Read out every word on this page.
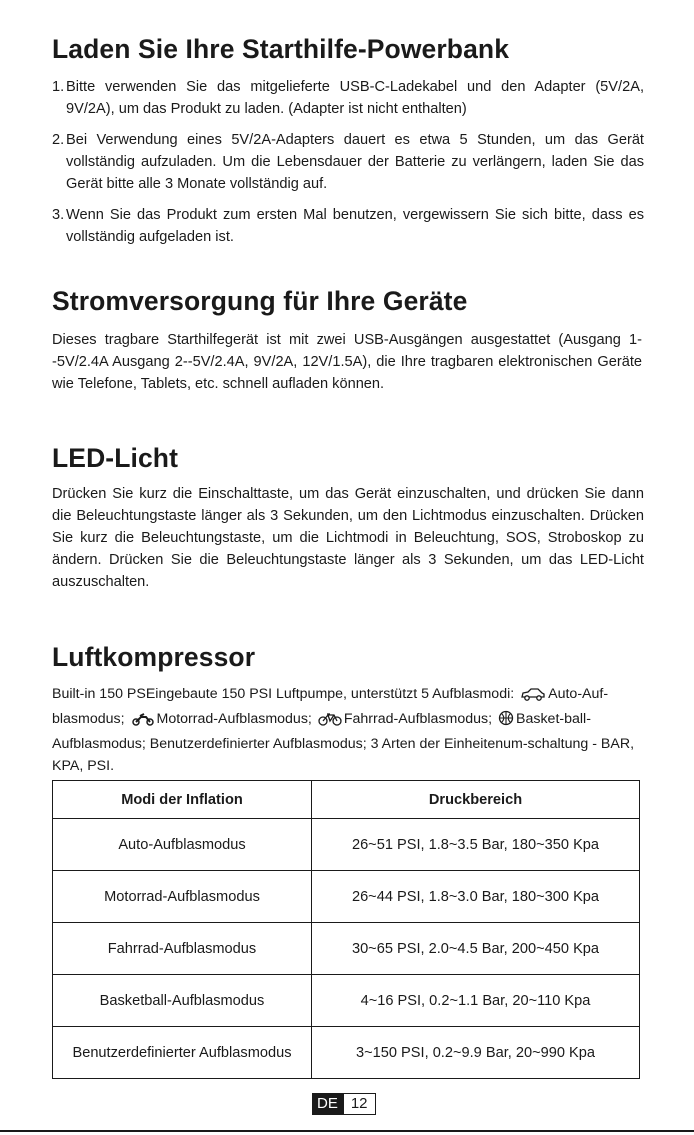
Laden Sie Ihre Starthilfe-Powerbank
1. Bitte verwenden Sie das mitgelieferte USB-C-Ladekabel und den Adapter (5V/2A, 9V/2A), um das Produkt zu laden. (Adapter ist nicht enthalten)
2. Bei Verwendung eines 5V/2A-Adapters dauert es etwa 5 Stunden, um das Gerät vollständig aufzuladen. Um die Lebensdauer der Batterie zu verlängern, laden Sie das Gerät bitte alle 3 Monate vollständig auf.
3. Wenn Sie das Produkt zum ersten Mal benutzen, vergewissern Sie sich bitte, dass es vollständig aufgeladen ist.
Stromversorgung für Ihre Geräte

Dieses tragbare Starthilfegerät ist mit zwei USB-Ausgängen ausgestattet (Ausgang 1--5V/2.4A Ausgang 2--5V/2.4A, 9V/2A, 12V/1.5A), die Ihre tragbaren elektronischen Geräte wie Telefone, Tablets, etc. schnell aufladen können.

LED-Licht

Drücken Sie kurz die Einschalttaste, um das Gerät einzuschalten, und drücken Sie dann die Beleuchtungstaste länger als 3 Sekunden, um den Lichtmodus einzuschalten. Drücken Sie kurz die Beleuchtungstaste, um die Lichtmodi in Beleuchtung, SOS, Stroboskop zu ändern. Drücken Sie die Beleuchtungstaste länger als 3 Sekunden, um das LED-Licht auszuschalten.

Luftkompressor

Built-in 150 PSEingebaute 150 PSI Luftpumpe, unterstützt 5 Aufblasmodi: Auto-Auf-blasmodus; Motorrad-Aufblasmodus; Fahrrad-Aufblasmodus; Basket-ball-Aufblasmodus; Benutzerdefinierter Aufblasmodus; 3 Arten der Einheitenum-schaltung - BAR, KPA, PSI.

Modi der Inflation	Druckbereich
Auto-Aufblasmodus	26~51 PSI, 1.8~3.5 Bar, 180~350 Kpa
Motorrad-Aufblasmodus	26~44 PSI, 1.8~3.0 Bar, 180~300 Kpa
Fahrrad-Aufblasmodus	30~65 PSI, 2.0~4.5 Bar, 200~450 Kpa
Basketball-Aufblasmodus	4~16 PSI, 0.2~1.1 Bar, 20~110 Kpa
Benutzerdefinierter Aufblasmodus	3~150 PSI, 0.2~9.9 Bar, 20~990 Kpa
DE 12
